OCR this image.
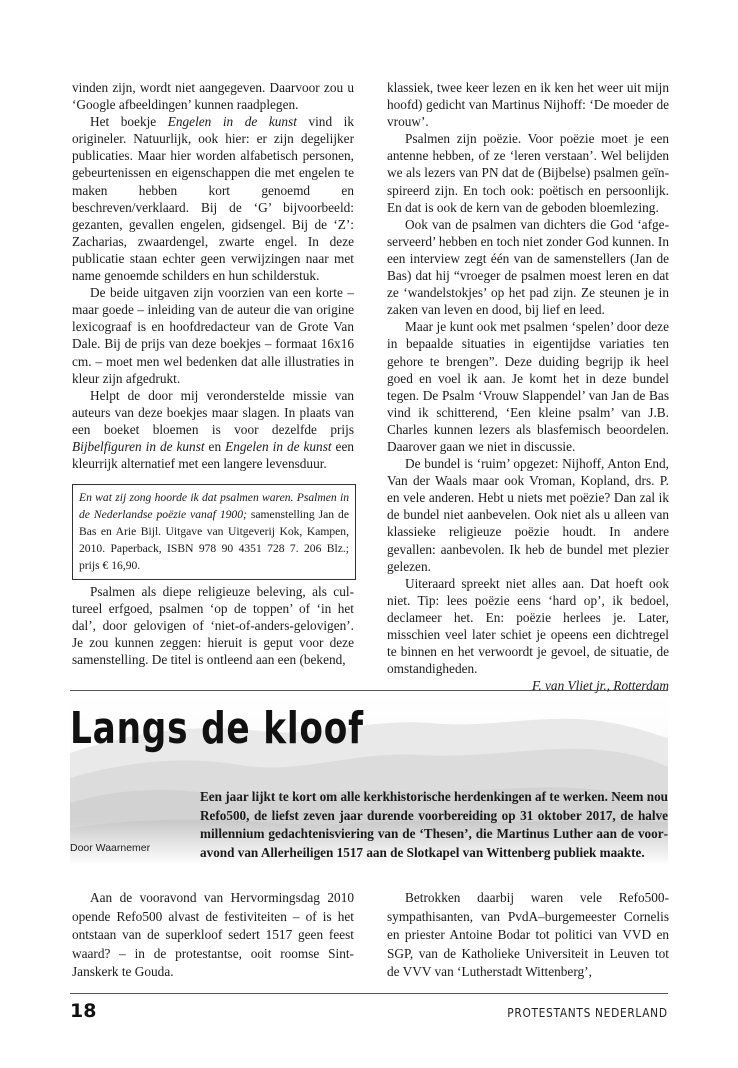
vinden zijn, wordt niet aangegeven. Daarvoor zou u ‘Google afbeeldingen’ kunnen raadplegen.

Het boekje Engelen in de kunst vind ik origineler. Natuurlijk, ook hier: er zijn degelijker publicaties. Maar hier worden alfabetisch personen, gebeurtenissen en eigenschappen die met engelen te maken hebben kort genoemd en beschreven/verklaard. Bij de ‘G’ bijvoorbeeld: gezanten, gevallen engelen, gidsengel. Bij de ‘Z’: Zacharias, zwaardengel, zwarte engel. In deze publicatie staan echter geen verwijzingen naar met name genoemde schilders en hun schilderstuk.

De beide uitgaven zijn voorzien van een korte – maar goede – inleiding van de auteur die van origine lexicograaf is en hoofdredacteur van de Grote Van Dale. Bij de prijs van deze boekjes – formaat 16x16 cm. – moet men wel bedenken dat alle illustraties in kleur zijn afgedrukt.

Helpt de door mij veronderstelde missie van auteurs van deze boekjes maar slagen. In plaats van een boeket bloemen is voor dezelfde prijs Bijbelfiguren in de kunst en Engelen in de kunst een kleurrijk alternatief met een langere levensduur.

En wat zij zong hoorde ik dat psalmen waren. Psalmen in de Nederlandse poëzie vanaf 1900; samenstelling Jan de Bas en Arie Bijl. Uitgave van Uitgeverij Kok, Kampen, 2010. Paperback, ISBN 978 90 4351 728 7. 206 Blz.; prijs € 16,90.

Psalmen als diepe religieuze beleving, als cultureel erfgoed, psalmen ‘op de toppen’ of ‘in het dal’, door gelovigen of ‘niet-of-anders-gelovigen’. Je zou kunnen zeggen: hieruit is geput voor deze samenstelling. De titel is ontleend aan een (bekend,

klassiek, twee keer lezen en ik ken het weer uit mijn hoofd) gedicht van Martinus Nijhoff: ‘De moeder de vrouw’.

Psalmen zijn poëzie. Voor poëzie moet je een antenne hebben, of ze ‘leren verstaan’. Wel belijden we als lezers van PN dat de (Bijbelse) psalmen geïnspireerd zijn. En toch ook: poëtisch en persoonlijk. En dat is ook de kern van de geboden bloemlezing.

Ook van de psalmen van dichters die God ‘afgeserveerd’ hebben en toch niet zonder God kunnen. In een interview zegt één van de samenstellers (Jan de Bas) dat hij “vroeger de psalmen moest leren en dat ze ‘wandelstokjes’ op het pad zijn. Ze steunen je in zaken van leven en dood, bij lief en leed.

Maar je kunt ook met psalmen ‘spelen’ door deze in bepaalde situaties in eigentijdse variaties ten gehore te brengen”. Deze duiding begrijp ik heel goed en voel ik aan. Je komt het in deze bundel tegen. De Psalm ‘Vrouw Slappendel’ van Jan de Bas vind ik schitterend, ‘Een kleine psalm’ van J.B. Charles kunnen lezers als blasfemisch beoordelen. Daarover gaan we niet in discussie.

De bundel is ‘ruim’ opgezet: Nijhoff, Anton End, Van der Waals maar ook Vroman, Kopland, drs. P. en vele anderen. Hebt u niets met poëzie? Dan zal ik de bundel niet aanbevelen. Ook niet als u alleen van klassieke religieuze poëzie houdt. In andere gevallen: aanbevolen. Ik heb de bundel met plezier gelezen.

Uiteraard spreekt niet alles aan. Dat hoeft ook niet. Tip: lees poëzie eens ‘hard op’, ik bedoel, declameer het. En: poëzie herlees je. Later, misschien veel later schiet je opeens een dichtregel te binnen en het verwoordt je gevoel, de situatie, de omstandigheden.

F. van Vliet jr., Rotterdam

Langs de kloof

Een jaar lijkt te kort om alle kerkhistorische herdenkingen af te werken. Neem nou Refo500, de liefst zeven jaar durende voorbereiding op 31 oktober 2017, de halve millennium gedachtenisviering van de ‘Thesen’, die Martinus Luther aan de vooravond van Allerheiligen 1517 aan de Slotkapel van Wittenberg publiek maakte.

Door Waarnemer

Aan de vooravond van Hervormingsdag 2010 opende Refo500 alvast de festiviteiten – of is het ontstaan van de superkloof sedert 1517 geen feest waard? – in de protestantse, ooit roomse Sint-Janskerk te Gouda.

Betrokken daarbij waren vele Refo500-sympathisanten, van PvdA–burgemeester Cornelis en priester Antoine Bodar tot politici van VVD en SGP, van de Katholieke Universiteit in Leuven tot de VVV van ‘Lutherstadt Wittenberg’,

18	PROTESTANTS NEDERLAND
